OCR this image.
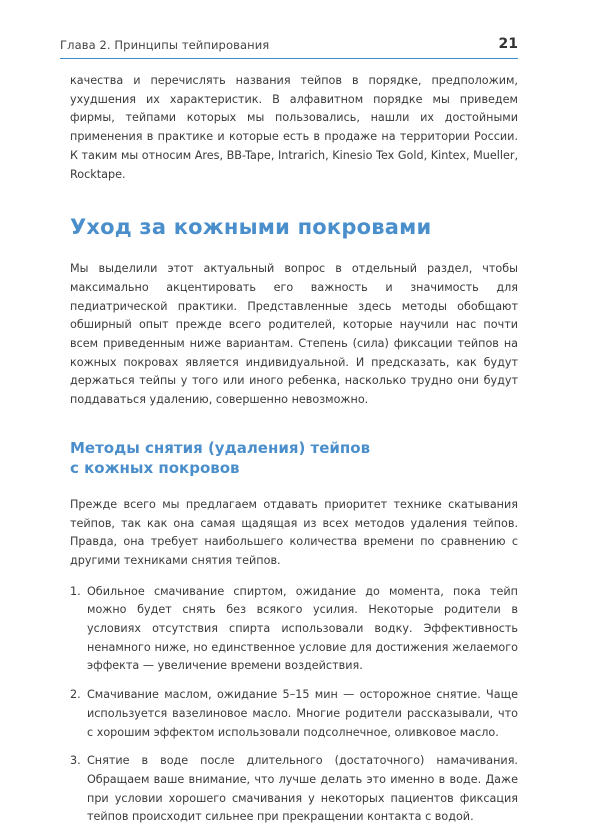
Глава 2. Принципы тейпирования	21

качества и перечислять названия тейпов в порядке, предположим, ухудшения их характеристик. В алфавитном порядке мы приведем фирмы, тейпами которых мы пользовались, нашли их достойными применения в практике и которые есть в продаже на территории России. К таким мы относим Ares, BB-Tape, Intrarich, Kinesio Tex Gold, Kintex, Mueller, Rocktape.

Уход за кожными покровами

Мы выделили этот актуальный вопрос в отдельный раздел, чтобы максимально акцентировать его важность и значимость для педиатрической практики. Представленные здесь методы обобщают обширный опыт прежде всего родителей, которые научили нас почти всем приведенным ниже вариантам. Степень (сила) фиксации тейпов на кожных покровах является индивидуальной. И предсказать, как будут держаться тейпы у того или иного ребенка, насколько трудно они будут поддаваться удалению, совершенно невозможно.

Методы снятия (удаления) тейпов
с кожных покровов

Прежде всего мы предлагаем отдавать приоритет технике скатывания тейпов, так как она самая щадящая из всех методов удаления тейпов. Правда, она требует наибольшего количества времени по сравнению с другими техниками снятия тейпов.

1. Обильное смачивание спиртом, ожидание до момента, пока тейп можно будет снять без всякого усилия. Некоторые родители в условиях отсутствия спирта использовали водку. Эффективность ненамного ниже, но единственное условие для достижения желаемого эффекта — увеличение времени воздействия.

2. Смачивание маслом, ожидание 5–15 мин — осторожное снятие. Чаще используется вазелиновое масло. Многие родители рассказывали, что с хорошим эффектом использовали подсолнечное, оливковое масло.

3. Снятие в воде после длительного (достаточного) намачивания. Обращаем ваше внимание, что лучше делать это именно в воде. Даже при условии хорошего смачивания у некоторых пациентов фиксация тейпов происходит сильнее при прекращении контакта с водой.
